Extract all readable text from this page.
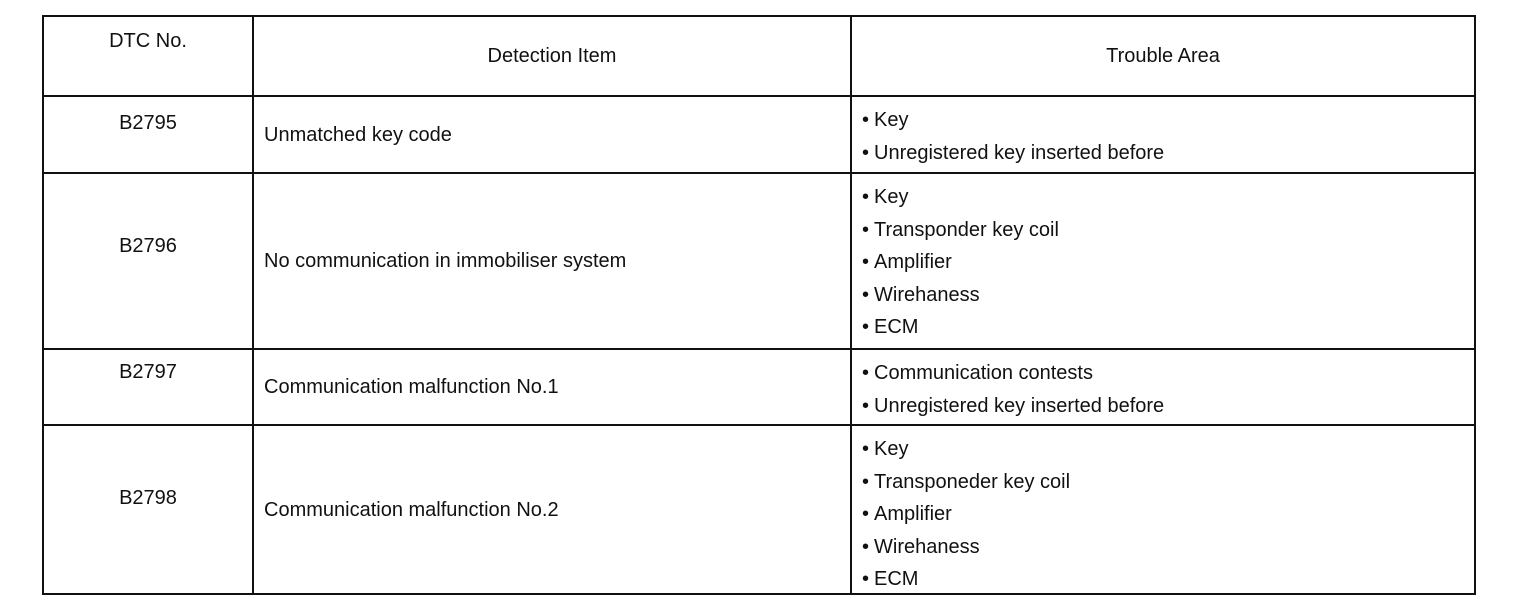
DTC No.
Detection Item	Trouble Area
B2795
Unmatched key code
• Key
• Unregistered key inserted before
B2796
No communication in immobiliser system
• Key
• Transponder key coil
• Amplifier
• Wirehaness
• ECM
B2797
Communication malfunction No.1
• Communication contests
• Unregistered key inserted before
B2798
Communication malfunction No.2
• Key
• Transponeder key coil
• Amplifier
• Wirehaness
• ECM
